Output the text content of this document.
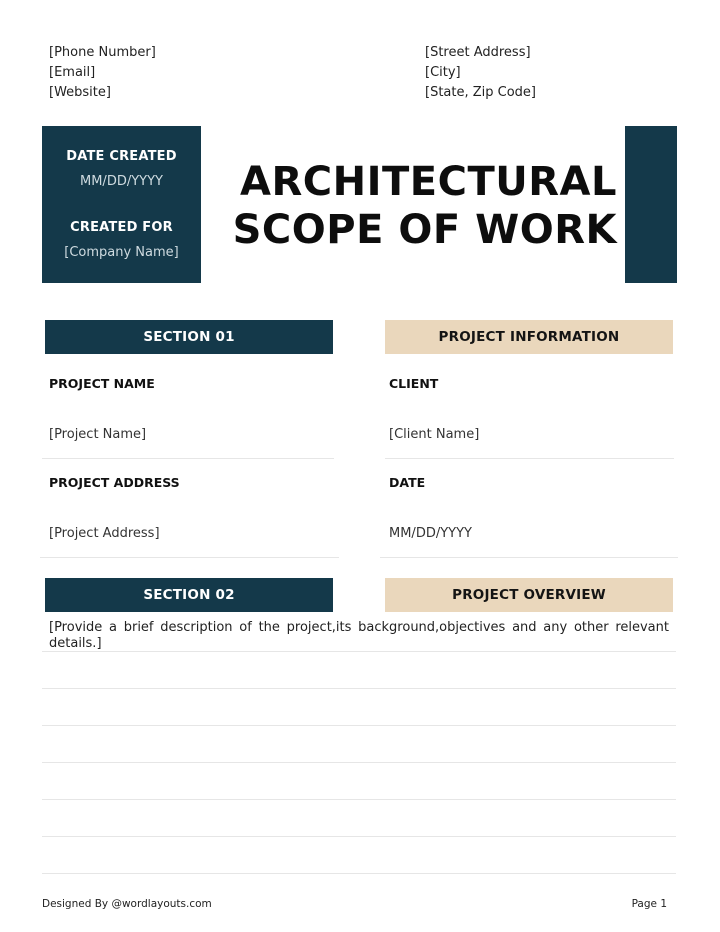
[Phone Number]
[Email]
[Website]
[Street Address]
[City]
[State, Zip Code]
DATE CREATED
MM/DD/YYYY
CREATED FOR
[Company Name]
ARCHITECTURAL
SCOPE OF WORK
SECTION 01	PROJECT INFORMATION
PROJECT NAME
[Project Name]
CLIENT
[Client Name]
PROJECT ADDRESS
[Project Address]
DATE
MM/DD/YYYY
SECTION 02	PROJECT OVERVIEW
[Provide a brief description of the project,its background,objectives and any other relevant details.]
Designed By @wordlayouts.com	Page 1
